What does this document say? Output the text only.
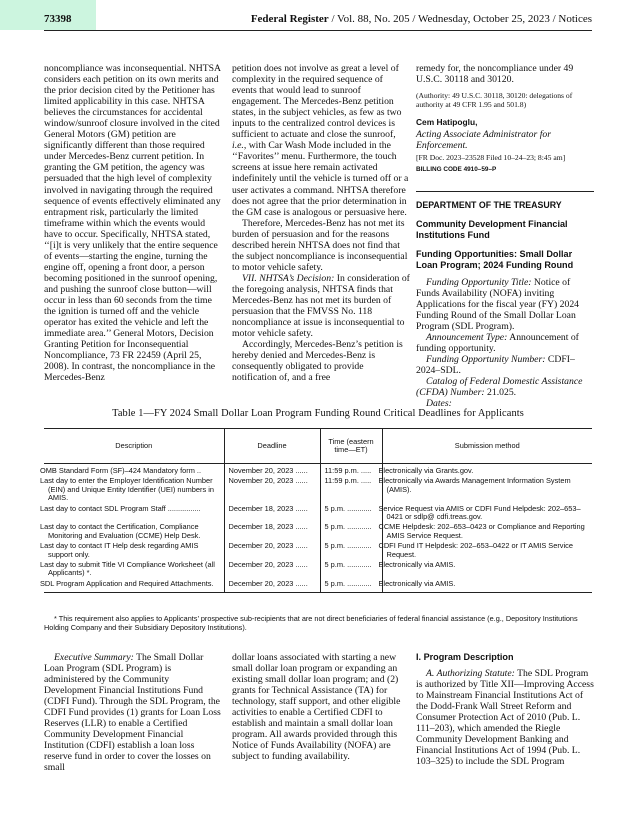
73398	Federal Register / Vol. 88, No. 205 / Wednesday, October 25, 2023 / Notices

noncompliance was inconsequential. NHTSA considers each petition on its own merits and the prior decision cited by the Petitioner has limited applicability in this case. NHTSA believes the circumstances for accidental window/sunroof closure involved in the cited General Motors (GM) petition are significantly different than those required under Mercedes-Benz current petition. In granting the GM petition, the agency was persuaded that the high level of complexity involved in navigating through the required sequence of events effectively eliminated any entrapment risk, particularly the limited timeframe within which the events would have to occur. Specifically, NHTSA stated, ‘‘[i]t is very unlikely that the entire sequence of events—starting the engine, turning the engine off, opening a front door, a person becoming positioned in the sunroof opening, and pushing the sunroof close button—will occur in less than 60 seconds from the time the ignition is turned off and the vehicle operator has exited the vehicle and left the immediate area.’’ General Motors, Decision Granting Petition for Inconsequential Noncompliance, 73 FR 22459 (April 25, 2008). In contrast, the noncompliance in the Mercedes-Benz

petition does not involve as great a level of complexity in the required sequence of events that would lead to sunroof engagement. The Mercedes-Benz petition states, in the subject vehicles, as few as two inputs to the centralized control devices is sufficient to actuate and close the sunroof, i.e., with Car Wash Mode included in the ‘‘Favorites’’ menu. Furthermore, the touch screens at issue here remain activated indefinitely until the vehicle is turned off or a user activates a command. NHTSA therefore does not agree that the prior determination in the GM case is analogous or persuasive here.

Therefore, Mercedes-Benz has not met its burden of persuasion and for the reasons described herein NHTSA does not find that the subject noncompliance is inconsequential to motor vehicle safety.

VII. NHTSA’s Decision: In consideration of the foregoing analysis, NHTSA finds that Mercedes-Benz has not met its burden of persuasion that the FMVSS No. 118 noncompliance at issue is inconsequential to motor vehicle safety.

Accordingly, Mercedes-Benz’s petition is hereby denied and Mercedes-Benz is consequently obligated to provide notification of, and a free

remedy for, the noncompliance under 49 U.S.C. 30118 and 30120.

(Authority: 49 U.S.C. 30118, 30120: delegations of authority at 49 CFR 1.95 and 501.8)

Cem Hatipoglu,

Acting Associate Administrator for Enforcement.

[FR Doc. 2023–23528 Filed 10–24–23; 8:45 am]

BILLING CODE 4910–59–P

DEPARTMENT OF THE TREASURY

Community Development Financial Institutions Fund

Funding Opportunities: Small Dollar Loan Program; 2024 Funding Round

Funding Opportunity Title: Notice of Funds Availability (NOFA) inviting Applications for the fiscal year (FY) 2024 Funding Round of the Small Dollar Loan Program (SDL Program).

Announcement Type: Announcement of funding opportunity.

Funding Opportunity Number: CDFI–2024–SDL.

Catalog of Federal Domestic Assistance (CFDA) Number: 21.025.

Dates:

Table 1—FY 2024 Small Dollar Loan Program Funding Round Critical Deadlines for Applicants
Description	Deadline	Time (eastern time—ET)	Submission method
OMB Standard Form (SF)–424 Mandatory form ..	November 20, 2023 ......	11:59 p.m. .....	Electronically via Grants.gov.
Last day to enter the Employer Identification Number (EIN) and Unique Entity Identifier (UEI) numbers in AMIS.	November 20, 2023 ......	11:59 p.m. .....	Electronically via Awards Management Information System (AMIS).
Last day to contact SDL Program Staff ................	December 18, 2023 ......	5 p.m. ............	Service Request via AMIS or CDFI Fund Helpdesk: 202–653–0421 or sdlp@ cdfi.treas.gov.
Last day to contact the Certification, Compliance Monitoring and Evaluation (CCME) Help Desk.	December 18, 2023 ......	5 p.m. ............	CCME Helpdesk: 202–653–0423 or Compliance and Reporting AMIS Service Request.
Last day to contact IT Help desk regarding AMIS support only.	December 20, 2023 ......	5 p.m. ............	CDFI Fund IT Helpdesk: 202–653–0422 or IT AMIS Service Request.
Last day to submit Title VI Compliance Worksheet (all Applicants) *.	December 20, 2023 ......	5 p.m. ............	Electronically via AMIS.
SDL Program Application and Required Attachments.	December 20, 2023 ......	5 p.m. ............	Electronically via AMIS.
* This requirement also applies to Applicants’ prospective sub-recipients that are not direct beneficiaries of federal financial assistance (e.g., Depository Institutions Holding Company and their Subsidiary Depository Institutions).

Executive Summary: The Small Dollar Loan Program (SDL Program) is administered by the Community Development Financial Institutions Fund (CDFI Fund). Through the SDL Program, the CDFI Fund provides (1) grants for Loan Loss Reserves (LLR) to enable a Certified Community Development Financial Institution (CDFI) establish a loan loss reserve fund in order to cover the losses on small

dollar loans associated with starting a new small dollar loan program or expanding an existing small dollar loan program; and (2) grants for Technical Assistance (TA) for technology, staff support, and other eligible activities to enable a Certified CDFI to establish and maintain a small dollar loan program. All awards provided through this Notice of Funds Availability (NOFA) are subject to funding availability.

I. Program Description

A. Authorizing Statute: The SDL Program is authorized by Title XII—Improving Access to Mainstream Financial Institutions Act of the Dodd-Frank Wall Street Reform and Consumer Protection Act of 2010 (Pub. L. 111–203), which amended the Riegle Community Development Banking and Financial Institutions Act of 1994 (Pub. L. 103–325) to include the SDL Program
